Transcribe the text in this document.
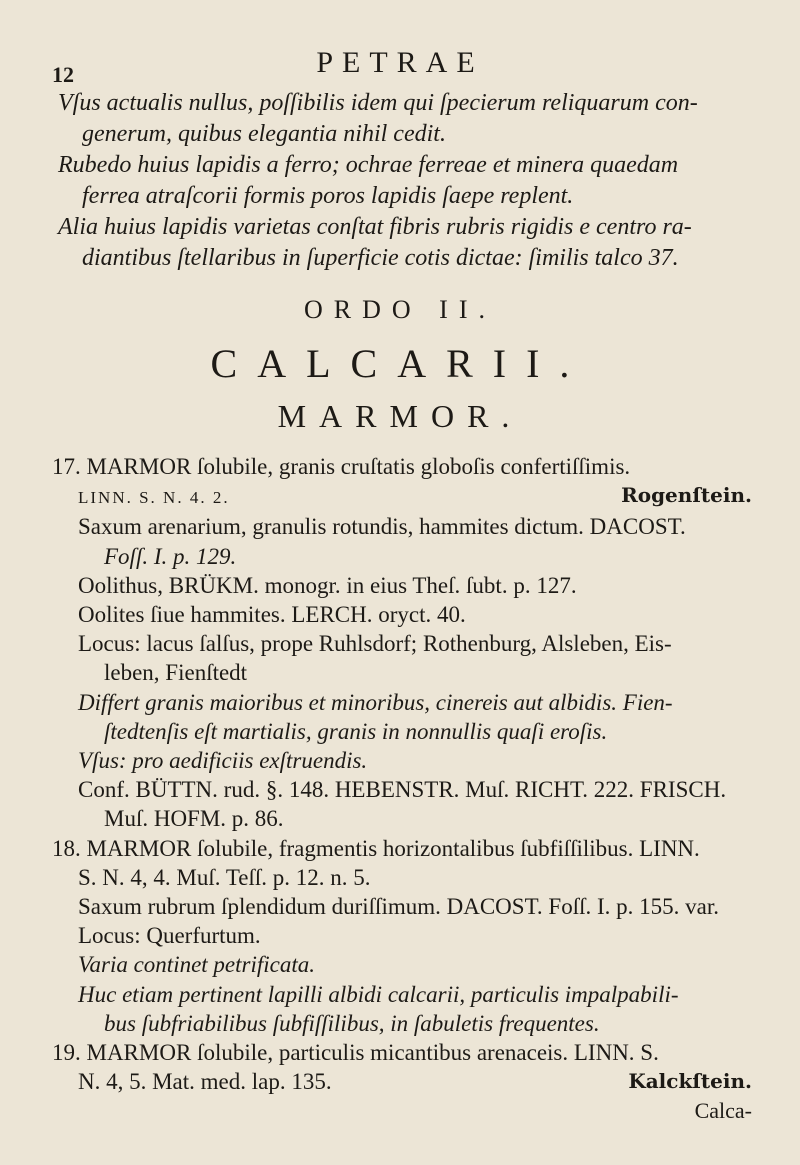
12	PETRAE
Vſus actualis nullus, poſſibilis idem qui ſpecierum reliquarum con-
generum, quibus elegantia nihil cedit.
Rubedo huius lapidis a ferro; ochrae ferreae et minera quaedam
ferrea atraſcorii formis poros lapidis ſaepe replent.
Alia huius lapidis varietas conſtat fibris rubris rigidis e centro ra-
diantibus ſtellaribus in ſuperficie cotis dictae: ſimilis talco 37.
ORDO II.
CALCARII.
MARMOR.
17. MARMOR ſolubile, granis cruſtatis globoſis confertiſſimis.
LINN. S. N. 4. 2.	Rogenſtein.
Saxum arenarium, granulis rotundis, hammites dictum. DACOST.
Foſſ. I. p. 129.
Oolithus, BRÜKM. monogr. in eius Theſ. ſubt. p. 127.
Oolites ſiue hammites. LERCH. oryct. 40.
Locus: lacus ſalſus, prope Ruhlsdorf; Rothenburg, Alsleben, Eis-
leben, Fienſtedt
Differt granis maioribus et minoribus, cinereis aut albidis. Fien-
ſtedtenſis eſt martialis, granis in nonnullis quaſi eroſis.
Vſus: pro aedificiis exſtruendis.
Conf. BÜTTN. rud. §. 148. HEBENSTR. Muſ. RICHT. 222. FRISCH.
Muſ. HOFM. p. 86.
18. MARMOR ſolubile, fragmentis horizontalibus ſubfiſſilibus. LINN.
S. N. 4, 4. Muſ. Teſſ. p. 12. n. 5.
Saxum rubrum ſplendidum duriſſimum. DACOST. Foſſ. I. p. 155. var.
Locus: Querfurtum.
Varia continet petrificata.
Huc etiam pertinent lapilli albidi calcarii, particulis impalpabili-
bus ſubfriabilibus ſubfiſſilibus, in ſabuletis frequentes.
19. MARMOR ſolubile, particulis micantibus arenaceis. LINN. S.
N. 4, 5. Mat. med. lap. 135.	Kalckſtein.
Calca-
